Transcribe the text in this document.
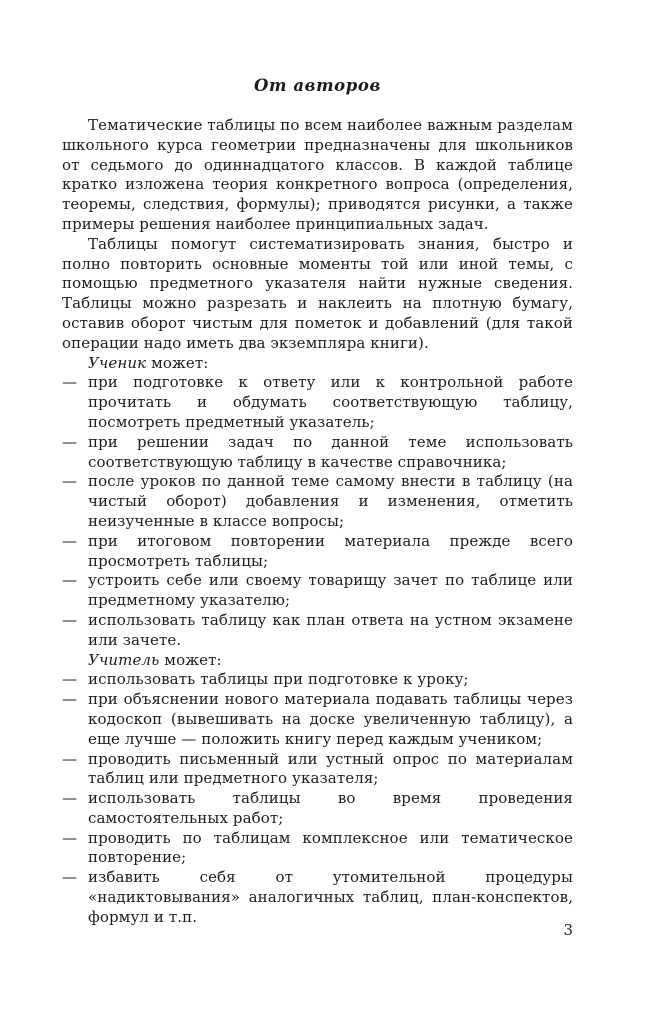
От авторов

Тематические таблицы по всем наиболее важным разделам школьного курса геометрии предназначены для школьников от седьмого до одиннадцатого классов. В каждой таблице кратко изложена теория конкретного вопроса (определения, теоремы, следствия, формулы); приводятся рисунки, а также примеры решения наиболее принципиальных задач.

Таблицы помогут систематизировать знания, быстро и полно повторить основные моменты той или иной темы, с помощью предметного указателя найти нужные сведения. Таблицы можно разрезать и наклеить на плотную бумагу, оставив оборот чистым для пометок и добавлений (для такой операции надо иметь два экземпляра книги).

Ученик может:

— при подготовке к ответу или к контрольной работе прочитать и обдумать соответствующую таблицу, посмотреть предметный указатель;
— при решении задач по данной теме использовать соответствующую таблицу в качестве справочника;
— после уроков по данной теме самому внести в таблицу (на чистый оборот) добавления и изменения, отметить неизученные в классе вопросы;
— при итоговом повторении материала прежде всего просмотреть таблицы;
— устроить себе или своему товарищу зачет по таблице или предметному указателю;
— использовать таблицу как план ответа на устном экзамене или зачете.

Учитель может:

— использовать таблицы при подготовке к уроку;
— при объяснении нового материала подавать таблицы через кодоскоп (вывешивать на доске увеличенную таблицу), а еще лучше — положить книгу перед каждым учеником;
— проводить письменный или устный опрос по материалам таблиц или предметного указателя;
— использовать таблицы во время проведения самостоятельных работ;
— проводить по таблицам комплексное или тематическое повторение;
— избавить себя от утомительной процедуры «надиктовывания» аналогичных таблиц, план-конспектов, формул и т.п.
3
